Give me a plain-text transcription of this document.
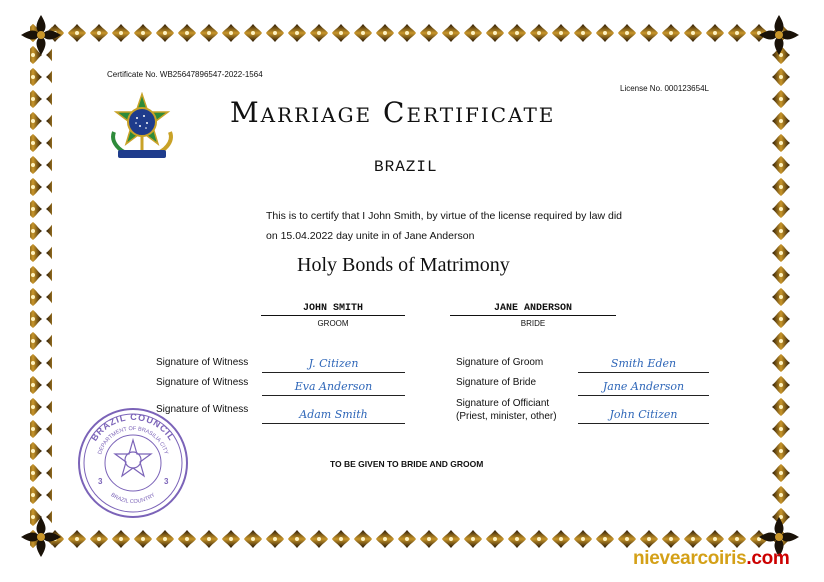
Certificate No. WB25647896547-2022-1564
License No. 000123654L
Marriage Certificate
BRAZIL
This is to certify that I John Smith, by virtue of the license required by law did
on 15.04.2022 day unite in of Jane Anderson
Holy Bonds of Matrimony
JOHN SMITH
GROOM
JANE ANDERSON
BRIDE
Signature of Witness	J. Citizen
Signature of Witness	Eva Anderson
Signature of Witness	Adam Smith
Signature of Groom	Smith Eden
Signature of Bride	Jane Anderson
Signature of Officiant
(Priest, minister, other)	John Citizen
TO BE GIVEN TO BRIDE AND GROOM
BRAZIL COUNCIL
DEPARTMENT OF BRASILIA CITY
BRAZIL COUNTRY
3	3
nievearcoiris.com
